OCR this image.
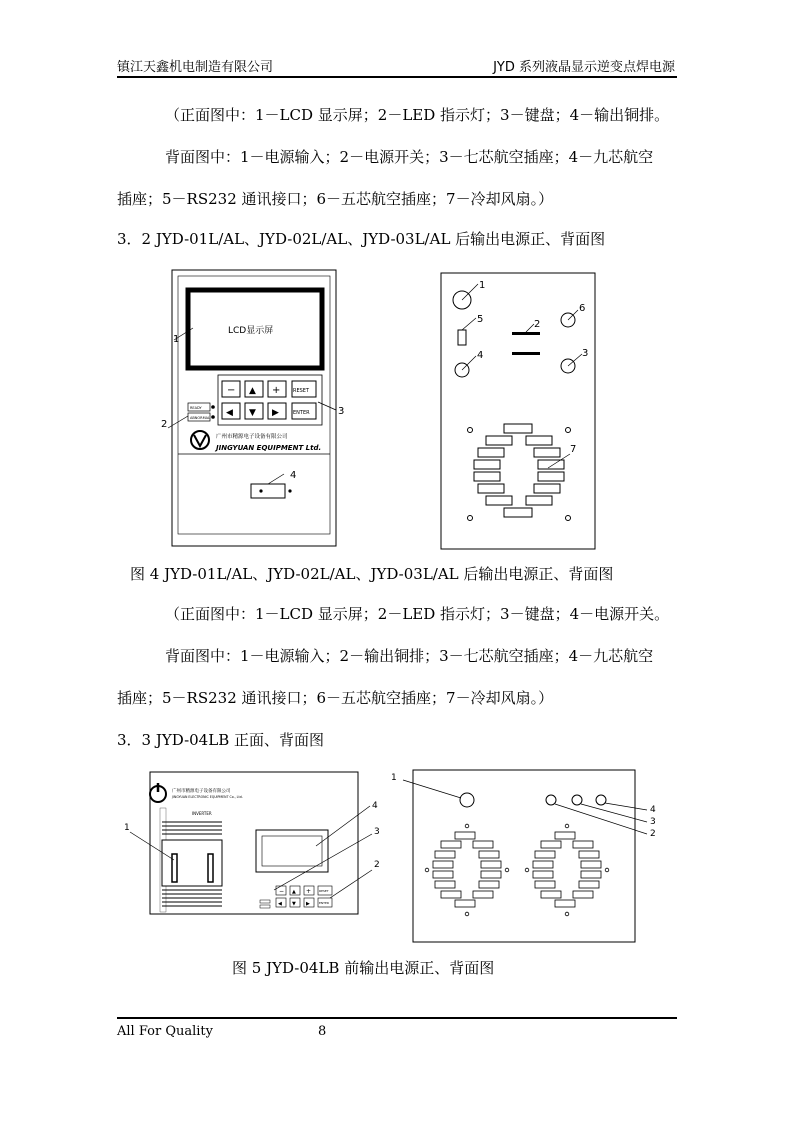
镇江天鑫机电制造有限公司	JYD 系列液晶显示逆变点焊电源
（正面图中：1－LCD 显示屏；2－LED 指示灯；3－键盘；4－输出铜排。
背面图中：1－电源输入；2－电源开关；3－七芯航空插座；4－九芯航空
插座；5－RS232 通讯接口；6－五芯航空插座；7－冷却风扇。）
3．2 JYD-01L/AL、JYD-02L/AL、JYD-03L/AL 后输出电源正、背面图
LCD显示屏
1
− ▲ +	RESET
◀ ▼ ▶	ENTER	3
READY
ABNORMAL
2
广州市精源电子设备有限公司
JINGYUAN EQUIPMENT Ltd.
4
1
5
4
2
6
3
7
图 4 JYD-01L/AL、JYD-02L/AL、JYD-03L/AL 后输出电源正、背面图
（正面图中：1－LCD 显示屏；2－LED 指示灯；3－键盘；4－电源开关。
背面图中：1－电源输入；2－输出铜排；3－七芯航空插座；4－九芯航空
插座；5－RS232 通讯接口；6－五芯航空插座；7－冷却风扇。）
3．3 JYD-04LB 正面、背面图
广州市精源电子设备有限公司
JINGYUAN ELECTRONIC EQUIPMENT Co., Ltd.
INVERTER
1
4
− ▲ +	RESET
◀ ▼ ▶	ENTER
3
2
1
4
3
2
图 5 JYD-04LB 前输出电源正、背面图
All For Quality	8
